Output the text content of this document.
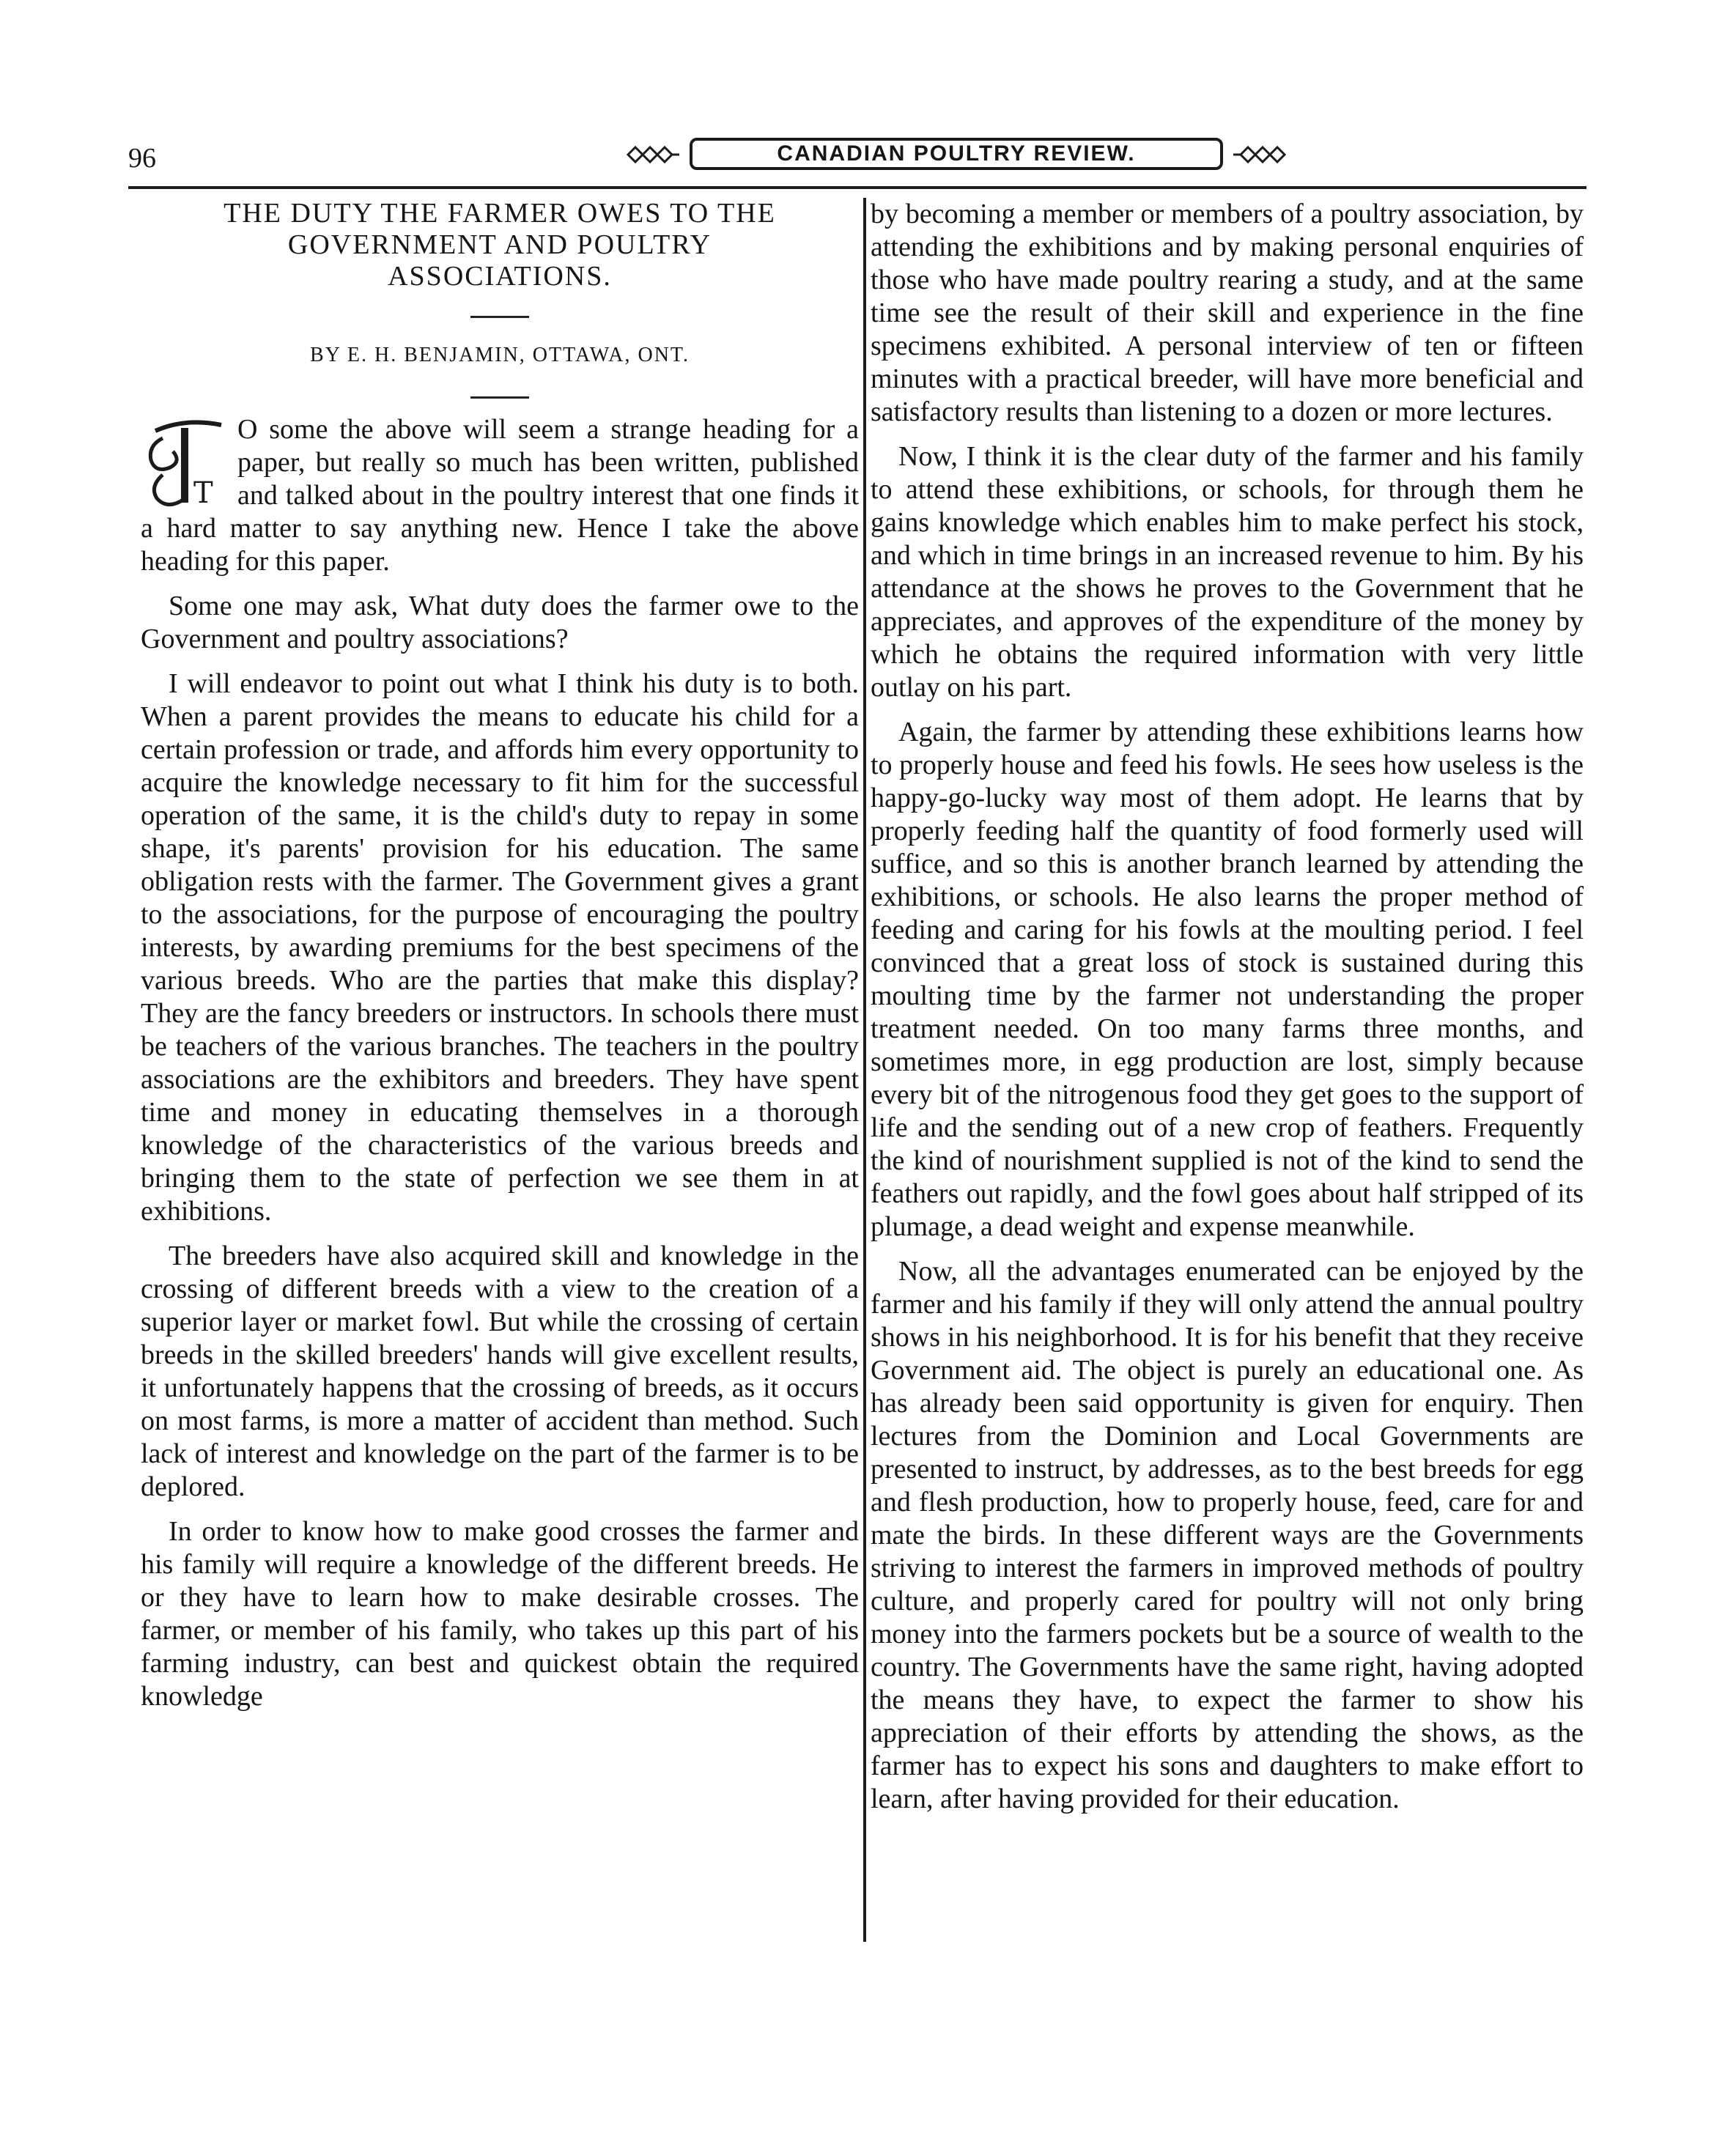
96	CANADIAN POULTRY REVIEW.
THE DUTY THE FARMER OWES TO THE
GOVERNMENT AND POULTRY
ASSOCIATIONS.
BY E. H. BENJAMIN, OTTAWA, ONT.
T

O some the above will seem a strange heading for a paper, but really so much has been written, published and talked about in the poultry interest that one finds it a hard matter to say anything new. Hence I take the above heading for this paper.

Some one may ask, What duty does the farmer owe to the Government and poultry associations?

I will endeavor to point out what I think his duty is to both. When a parent provides the means to educate his child for a certain profession or trade, and affords him every opportunity to acquire the knowledge necessary to fit him for the successful operation of the same, it is the child's duty to repay in some shape, it's parents' provision for his education. The same obligation rests with the farmer. The Government gives a grant to the associations, for the purpose of encouraging the poultry interests, by awarding premiums for the best specimens of the various breeds. Who are the parties that make this display? They are the fancy breeders or instructors. In schools there must be teachers of the various branches. The teachers in the poultry associations are the exhibitors and breeders. They have spent time and money in educating themselves in a thorough knowledge of the characteristics of the various breeds and bringing them to the state of perfection we see them in at exhibitions.

The breeders have also acquired skill and knowledge in the crossing of different breeds with a view to the creation of a superior layer or market fowl. But while the crossing of certain breeds in the skilled breeders' hands will give excellent results, it unfortunately happens that the crossing of breeds, as it occurs on most farms, is more a matter of accident than method. Such lack of interest and knowledge on the part of the farmer is to be deplored.

In order to know how to make good crosses the farmer and his family will require a knowledge of the different breeds. He or they have to learn how to make desirable crosses. The farmer, or member of his family, who takes up this part of his farming industry, can best and quickest obtain the required knowledge

by becoming a member or members of a poultry association, by attending the exhibitions and by making personal enquiries of those who have made poultry rearing a study, and at the same time see the result of their skill and experience in the fine specimens exhibited. A personal interview of ten or fifteen minutes with a practical breeder, will have more beneficial and satisfactory results than listening to a dozen or more lectures.

Now, I think it is the clear duty of the farmer and his family to attend these exhibitions, or schools, for through them he gains knowledge which enables him to make perfect his stock, and which in time brings in an increased revenue to him. By his attendance at the shows he proves to the Government that he appreciates, and approves of the expenditure of the money by which he obtains the required information with very little outlay on his part.

Again, the farmer by attending these exhibitions learns how to properly house and feed his fowls. He sees how useless is the happy-go-lucky way most of them adopt. He learns that by properly feeding half the quantity of food formerly used will suffice, and so this is another branch learned by attending the exhibitions, or schools. He also learns the proper method of feeding and caring for his fowls at the moulting period. I feel convinced that a great loss of stock is sustained during this moulting time by the farmer not understanding the proper treatment needed. On too many farms three months, and sometimes more, in egg production are lost, simply because every bit of the nitrogenous food they get goes to the support of life and the sending out of a new crop of feathers. Frequently the kind of nourishment supplied is not of the kind to send the feathers out rapidly, and the fowl goes about half stripped of its plumage, a dead weight and expense meanwhile.

Now, all the advantages enumerated can be enjoyed by the farmer and his family if they will only attend the annual poultry shows in his neighborhood. It is for his benefit that they receive Government aid. The object is purely an educational one. As has already been said opportunity is given for enquiry. Then lectures from the Dominion and Local Governments are presented to instruct, by addresses, as to the best breeds for egg and flesh production, how to properly house, feed, care for and mate the birds. In these different ways are the Governments striving to interest the farmers in improved methods of poultry culture, and properly cared for poultry will not only bring money into the farmers pockets but be a source of wealth to the country. The Governments have the same right, having adopted the means they have, to expect the farmer to show his appreciation of their efforts by attending the shows, as the farmer has to expect his sons and daughters to make effort to learn, after having provided for their education.
